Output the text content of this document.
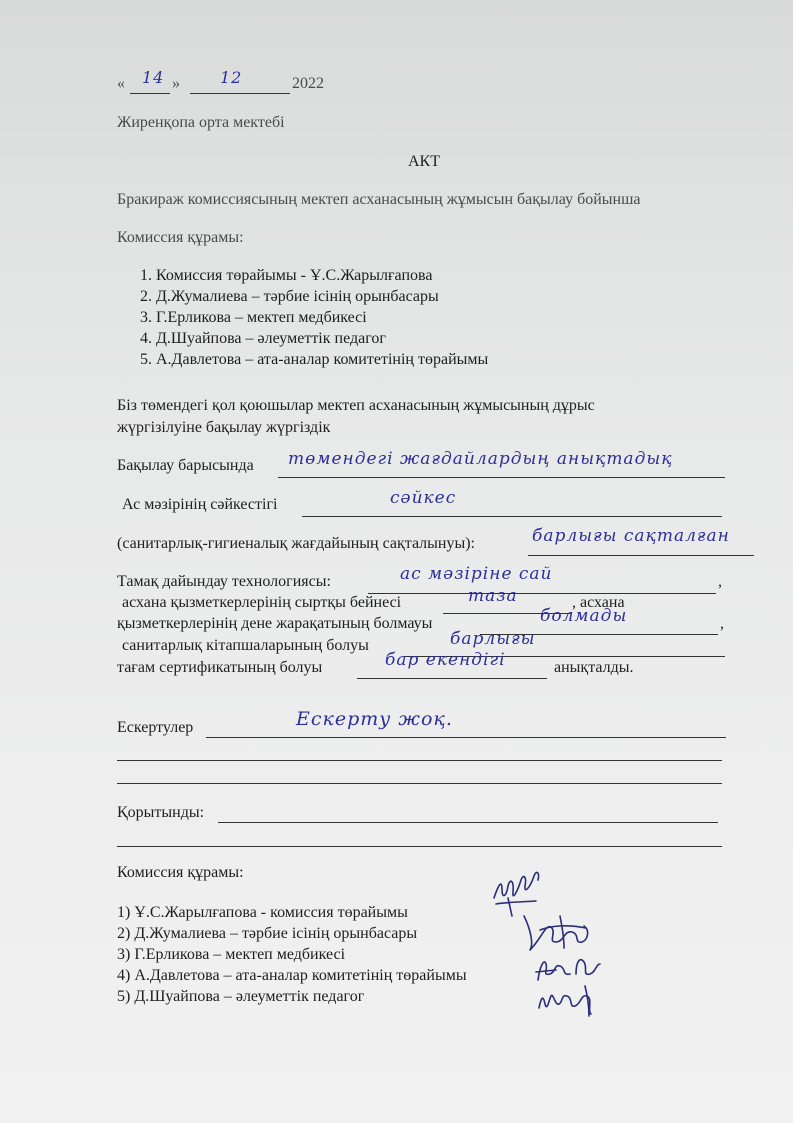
« 14 »	12	2022
Жиренқопа орта мектебі
АКТ
Бракираж комиссиясының мектеп асханасының жұмысын бақылау бойынша
Комиссия құрамы:
1. Комиссия төрайымы - Ұ.С.Жарылғапова
2. Д.Жумалиева – тәрбие ісінің орынбасары
3. Г.Ерликова – мектеп медбикесі
4. Д.Шуайпова – әлеуметтік педагог
5. А.Давлетова – ата-аналар комитетінің төрайымы
Біз төмендегі қол қоюшылар мектеп асханасының жұмысының дұрыс
жүргізілуіне бақылау жүргіздік
Бақылау барысында төмендегі жағдайлардың анықтадық
Ас мәзірінің сәйкестігі	сәйкес
(санитарлық-гигиеналық жағдайының сақталынуы):	барлығы сақталған
Тамақ дайындау технологиясы:	ас мәзіріне сай	,
асхана қызметкерлерінің сыртқы бейнесі	таза	, асхана
қызметкерлерінің дене жарақатының болмауы	болмады	,
санитарлық кітапшаларының болуы	барлығы
тағам сертификатының болуы	бар екендігі	анықталды.
Ескертулер	Ескерту жоқ.
Қорытынды:
Комиссия құрамы:
1) Ұ.С.Жарылғапова - комиссия төрайымы
2) Д.Жумалиева – тәрбие ісінің орынбасары
3) Г.Ерликова – мектеп медбикесі
4) А.Давлетова – ата-аналар комитетінің төрайымы
5) Д.Шуайпова – әлеуметтік педагог
